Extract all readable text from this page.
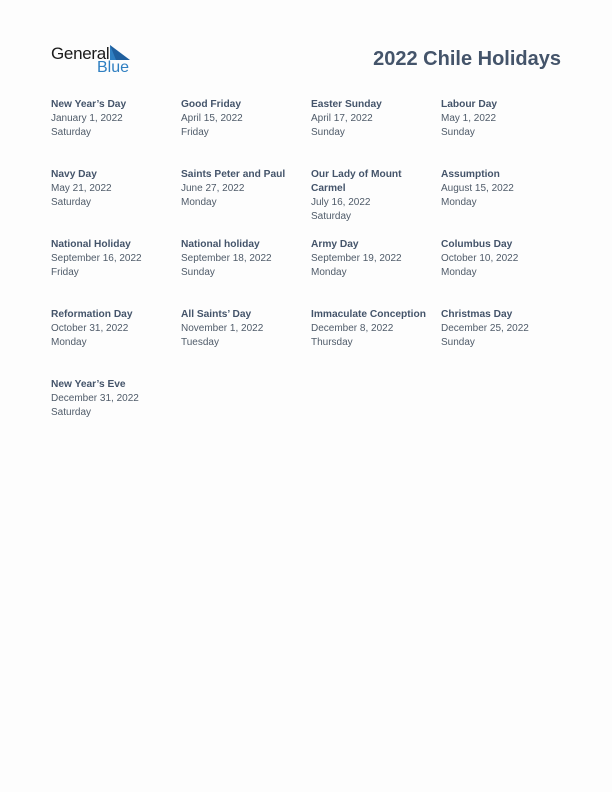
General
Blue	2022 Chile Holidays
New Year’s Day
January 1, 2022
Saturday
Good Friday
April 15, 2022
Friday
Easter Sunday
April 17, 2022
Sunday
Labour Day
May 1, 2022
Sunday
Navy Day
May 21, 2022
Saturday
Saints Peter and Paul
June 27, 2022
Monday
Our Lady of Mount Carmel
July 16, 2022
Saturday
Assumption
August 15, 2022
Monday
National Holiday
September 16, 2022
Friday
National holiday
September 18, 2022
Sunday
Army Day
September 19, 2022
Monday
Columbus Day
October 10, 2022
Monday
Reformation Day
October 31, 2022
Monday
All Saints’ Day
November 1, 2022
Tuesday
Immaculate Conception
December 8, 2022
Thursday
Christmas Day
December 25, 2022
Sunday
New Year’s Eve
December 31, 2022
Saturday
